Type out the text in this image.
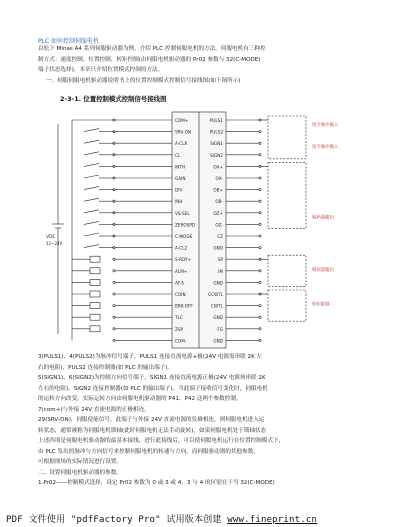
PLC 如何控制伺服电机
以松下 Minas A4 系列伺服驱动器为例，介绍 PLC 控制伺服电机的方法。伺服电机有三种控
制方式：速度控制、位置控制、转矩控制(由伺服电机驱动器的 Pr02 参数与 32(C-MODE)
端子状态选择)，本章只介绍位置模式控制的方法。
一、伺服伺服电机驱动器说明书上的位置控制模式控制信号接线图(如下图所示)
2-3-1. 位置控制模式控制信号接线图
COM+
SRV-ON
A-CLR
CL
INTH
GAIN
DIV
INH
VS-SEL
ZEROSPD
C-MODE
A-CL2
S-RDY+
ALM+
AT-S
COIN
BRK-OFF
TLC
ZSP
COM-
VDC
12~24V
PULS1
PULS2
SIGN1
SIGN2
OA+
OA-
OB+
OB-
OZ+
OZ-
CZ
GND
SP
IM
GND
CCWTL
CWTL
GND
FG
GND
指令脉冲输入
指令脉冲输入
编码器输出
模拟量输出
转矩限制
3(PULS1)、4(PULS2)为脉冲信号端子，PULS1 连接直流电源+极(24V 电源需串联 2K 左
右的电阻)，PULS2 连接控制器(如 PLC 的输出端子)。
5(SIGN1)、6(SIGN2)为控制方向信号端子，SIGN1 连接直流电源正极(24V 电源须串联 2K
左右的电阻)，SIGN2 连接控制器(如 PLC 的输出端子)。当此端子接收信号变化时，伺服电机
的运转方向改变。实际运转方向由伺服电机驱动器的 P41、P42 这两个参数控制。
7(com+)与外接 24V 直流电源的正极相连。
29(SRV-ON)，伺服使能信号，此端子与外接 24V 直流电源的负极相连，则伺服电机进入运
转状态，通常被称为伺服电机锁轴(此时伺服电机无法手动旋转)，如果伺服电机处于锁轴状态
上述四项是伺服电机驱动器的最基本接线，进行此接线后，可以使伺服电机运行在位置控制模式下，
由 PLC 发出的脉冲与方向信号来控制伺服电机的转速与方向。而伺服驱动器的其他参数，
可根据现场的实际情况进行设置。
二、设置伺服电机驱动器的参数。
1.Pr02——控制模式选择，设定 Pr02 参数为 0 或 3 或 4，3 与 4 的区别在于当 32(C-MODE)
PDF 文件使用 "pdfFactory Pro" 试用版本创建 www.fineprint.cn
